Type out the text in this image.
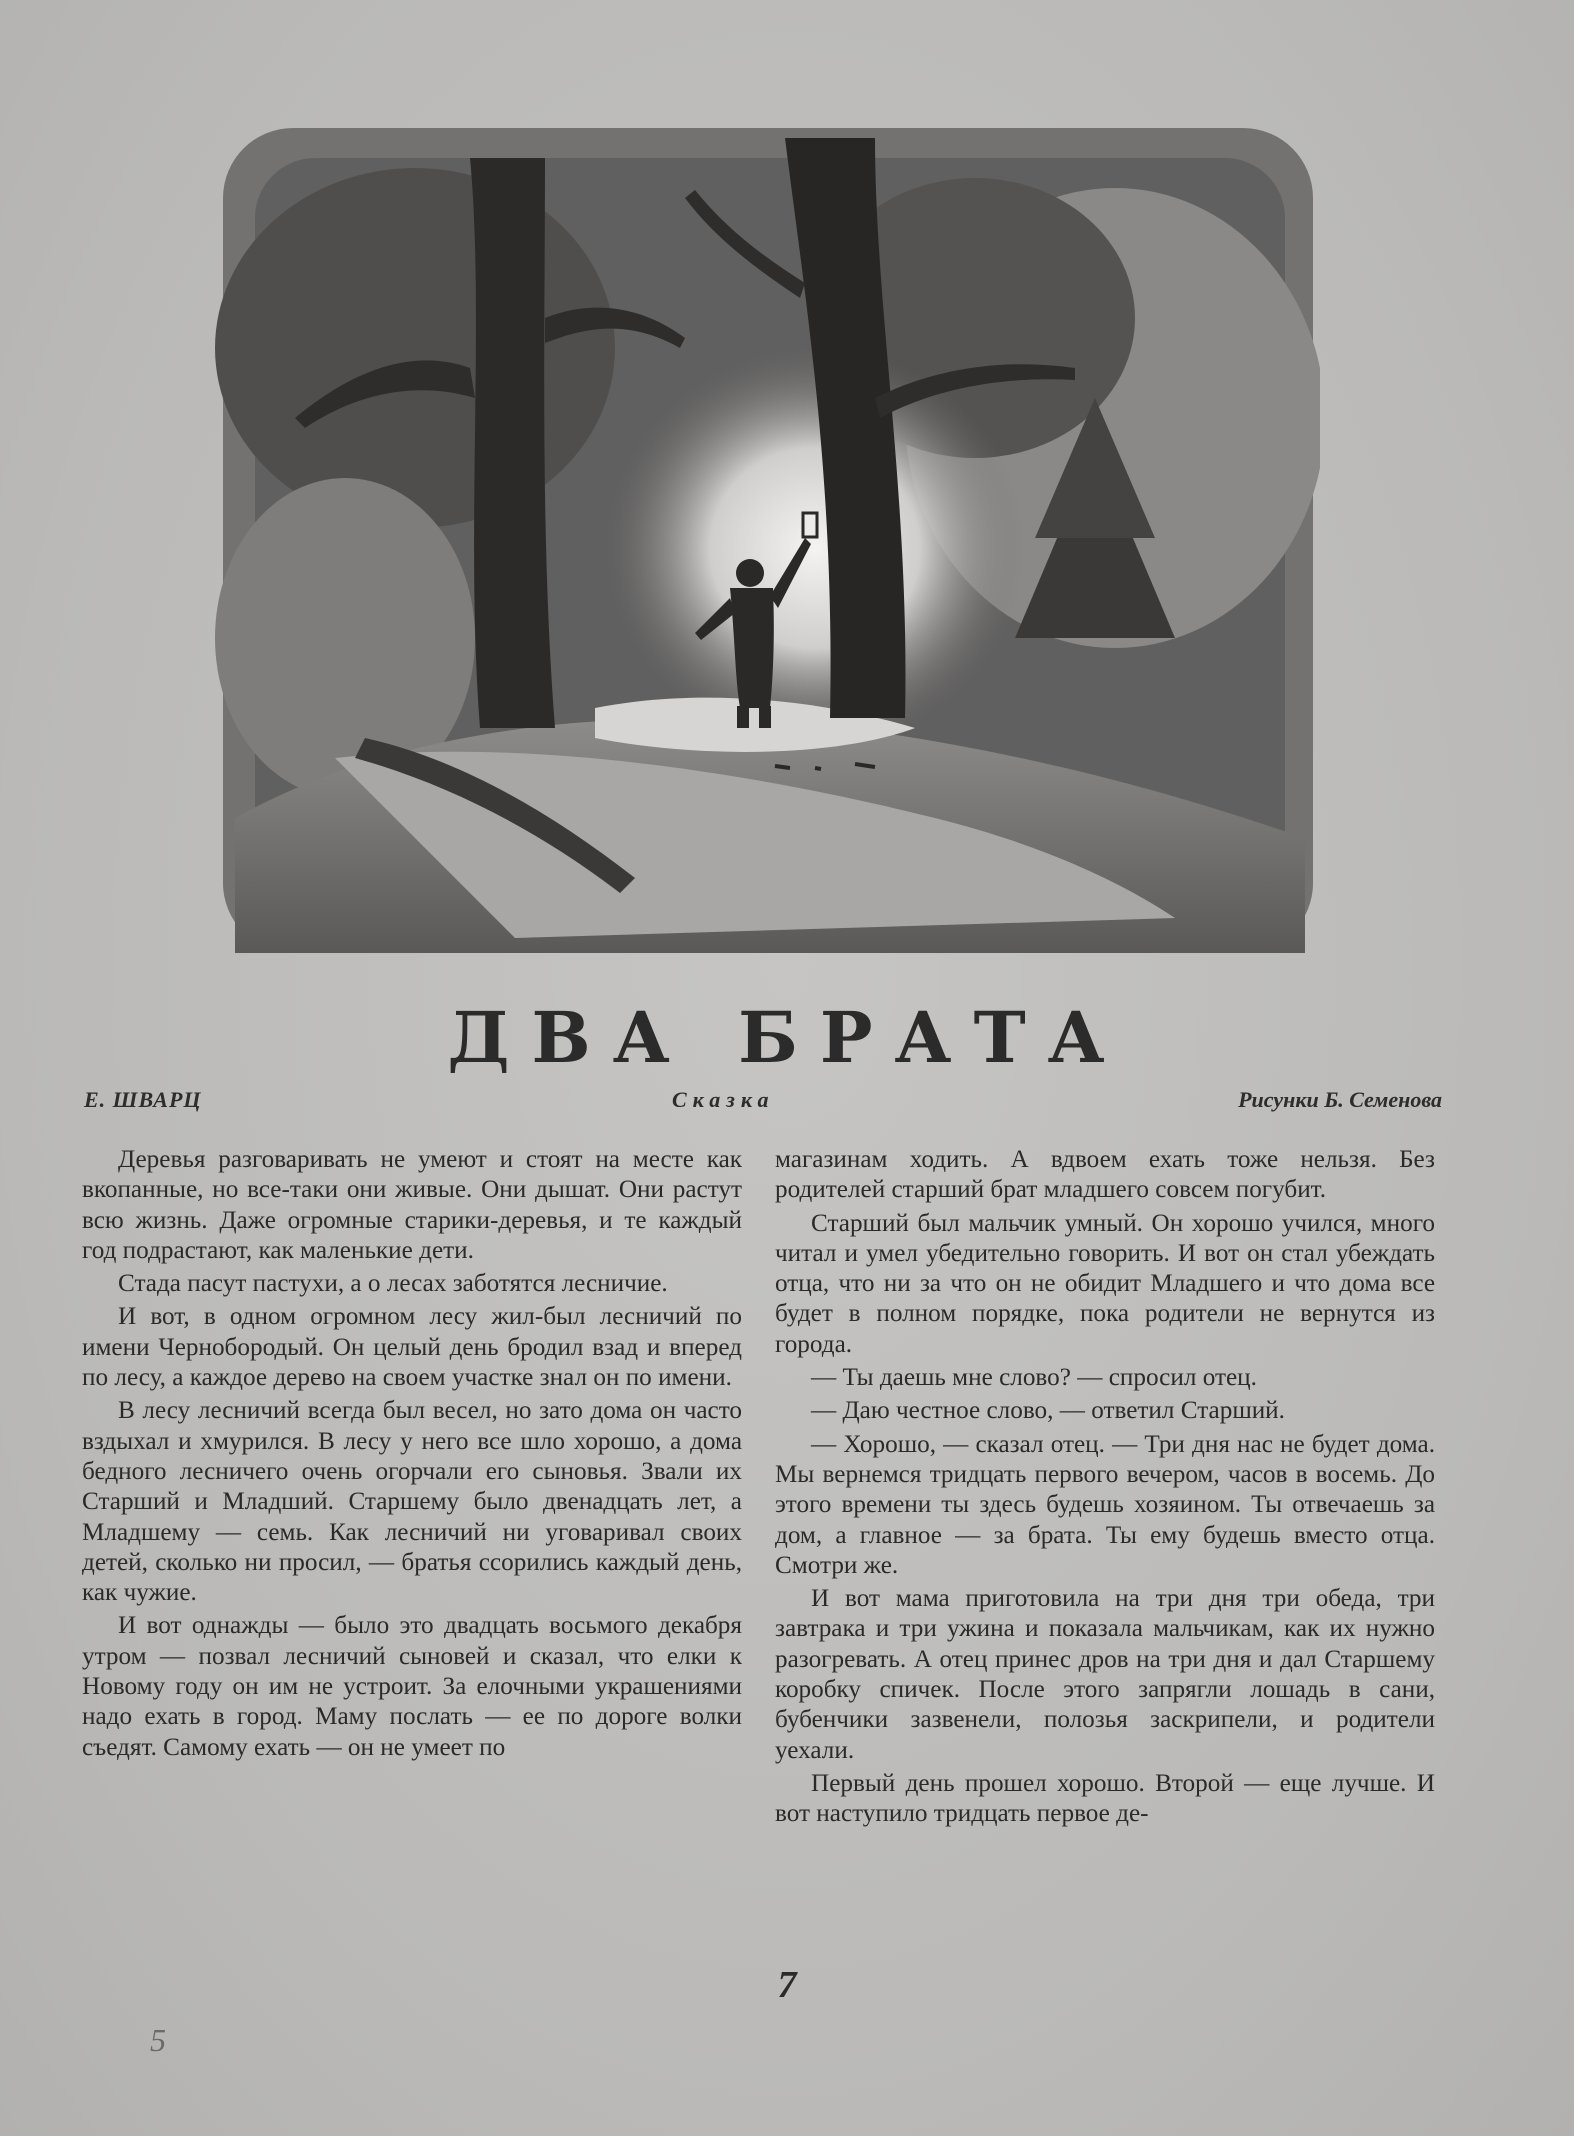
ДВА БРАТА
Е. ШВАРЦ	Сказка	Рисунки Б. Семенова

Деревья разговаривать не умеют и стоят на месте как вкопанные, но все-таки они живые. Они дышат. Они растут всю жизнь. Даже огромные старики-деревья, и те каждый год подрастают, как маленькие дети.

Стада пасут пастухи, а о лесах заботятся лесничие.

И вот, в одном огромном лесу жил-был лесничий по имени Чернобородый. Он целый день бродил взад и вперед по лесу, а каждое дерево на своем участке знал он по имени.

В лесу лесничий всегда был весел, но зато дома он часто вздыхал и хмурился. В лесу у него все шло хорошо, а дома бедного лесничего очень огорчали его сыновья. Звали их Старший и Младший. Старшему было двенадцать лет, а Младшему — семь. Как лесничий ни уговаривал своих детей, сколько ни просил, — братья ссорились каждый день, как чужие.

И вот однажды — было это двадцать восьмого декабря утром — позвал лесничий сыновей и сказал, что елки к Новому году он им не устроит. За елочными украшениями надо ехать в город. Маму послать — ее по дороге волки съедят. Самому ехать — он не умеет по

магазинам ходить. А вдвоем ехать тоже нельзя. Без родителей старший брат младшего совсем погубит.

Старший был мальчик умный. Он хорошо учился, много читал и умел убедительно говорить. И вот он стал убеждать отца, что ни за что он не обидит Младшего и что дома все будет в полном порядке, пока родители не вернутся из города.

— Ты даешь мне слово? — спросил отец.

— Даю честное слово, — ответил Старший.

— Хорошо, — сказал отец. — Три дня нас не будет дома. Мы вернемся тридцать первого вечером, часов в восемь. До этого времени ты здесь будешь хозяином. Ты отвечаешь за дом, а главное — за брата. Ты ему будешь вместо отца. Смотри же.

И вот мама приготовила на три дня три обеда, три завтрака и три ужина и показала мальчикам, как их нужно разогревать. А отец принес дров на три дня и дал Старшему коробку спичек. После этого запрягли лошадь в сани, бубенчики зазвенели, полозья заскрипели, и родители уехали.

Первый день прошел хорошо. Второй — еще лучше. И вот наступило тридцать первое де-

7
5
